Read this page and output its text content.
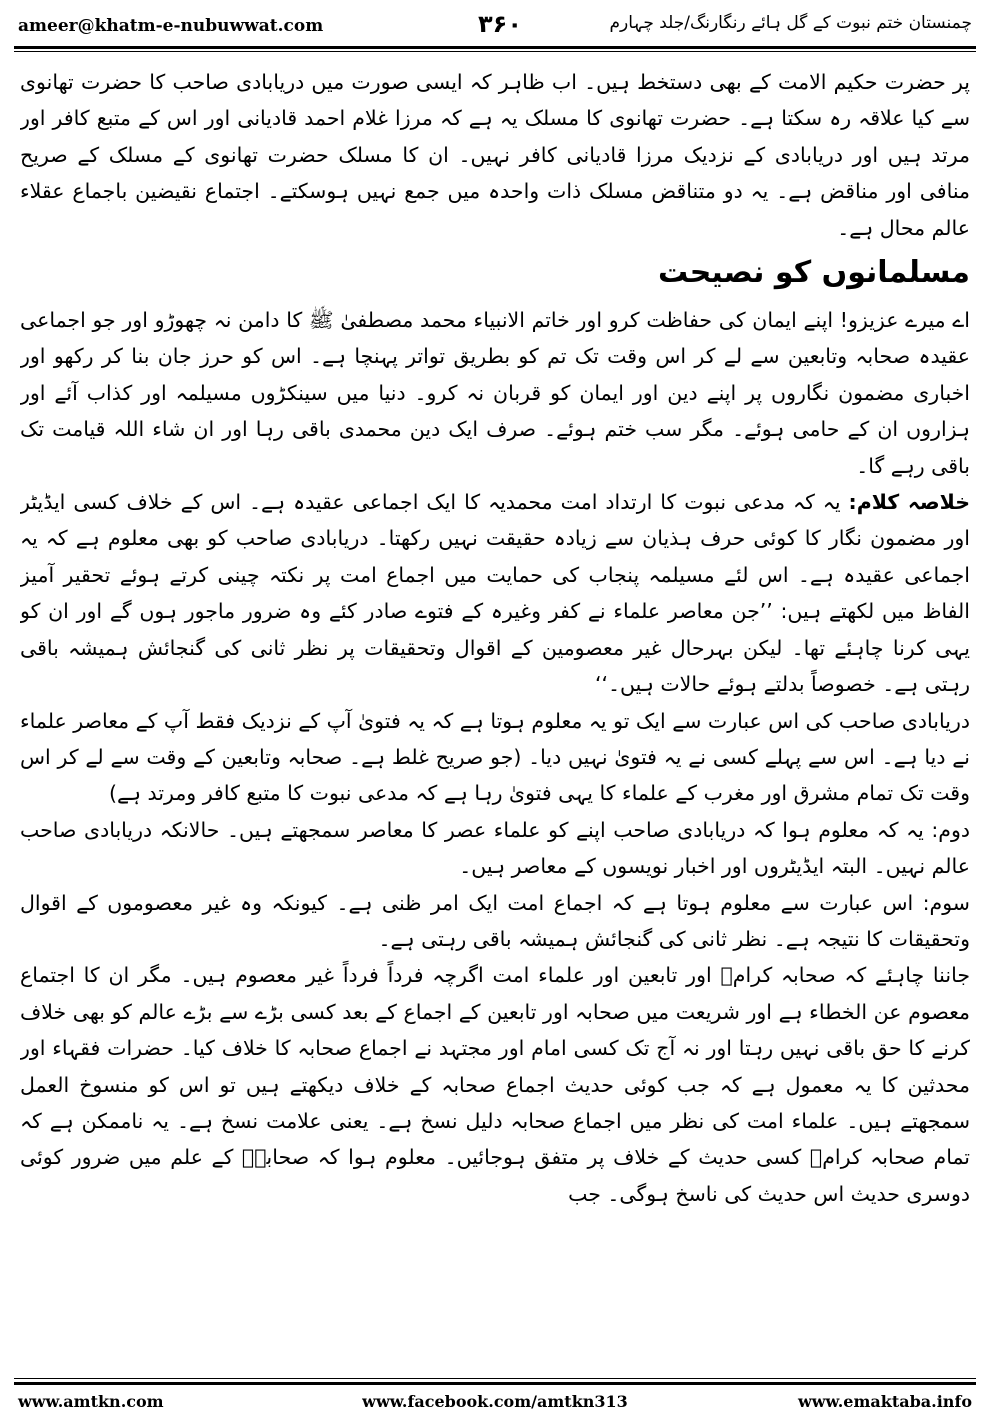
ameer@khatm-e-nubuwwat.com	۳۶۰	چمنستان ختم نبوت کے گل ہائے رنگارنگ/جلد چہارم

پر حضرت حکیم الامت کے بھی دستخط ہیں۔ اب ظاہر کہ ایسی صورت میں دریابادی صاحب کا حضرت تھانوی سے کیا علاقہ رہ سکتا ہے۔ حضرت تھانوی کا مسلک یہ ہے کہ مرزا غلام احمد قادیانی اور اس کے متبع کافر اور مرتد ہیں اور دریابادی کے نزدیک مرزا قادیانی کافر نہیں۔ ان کا مسلک حضرت تھانوی کے مسلک کے صریح منافی اور مناقض ہے۔ یہ دو متناقض مسلک ذات واحدہ میں جمع نہیں ہوسکتے۔ اجتماع نقیضین باجماع عقلاء عالم محال ہے۔

مسلمانوں کو نصیحت

اے میرے عزیزو! اپنے ایمان کی حفاظت کرو اور خاتم الانبیاء محمد مصطفیٰ ﷺ کا دامن نہ چھوڑو اور جو اجماعی عقیدہ صحابہ وتابعین سے لے کر اس وقت تک تم کو بطریق تواتر پہنچا ہے۔ اس کو حرز جان بنا کر رکھو اور اخباری مضمون نگاروں پر اپنے دین اور ایمان کو قربان نہ کرو۔ دنیا میں سینکڑوں مسیلمہ اور کذاب آئے اور ہزاروں ان کے حامی ہوئے۔ مگر سب ختم ہوئے۔ صرف ایک دین محمدی باقی رہا اور ان شاء اللہ قیامت تک باقی رہے گا۔

خلاصہ کلام: یہ کہ مدعی نبوت کا ارتداد امت محمدیہ کا ایک اجماعی عقیدہ ہے۔ اس کے خلاف کسی ایڈیٹر اور مضمون نگار کا کوئی حرف ہذیان سے زیادہ حقیقت نہیں رکھتا۔ دریابادی صاحب کو بھی معلوم ہے کہ یہ اجماعی عقیدہ ہے۔ اس لئے مسیلمہ پنجاب کی حمایت میں اجماع امت پر نکتہ چینی کرتے ہوئے تحقیر آمیز الفاظ میں لکھتے ہیں: ’’جن معاصر علماء نے کفر وغیرہ کے فتوے صادر کئے وہ ضرور ماجور ہوں گے اور ان کو یہی کرنا چاہئے تھا۔ لیکن بہرحال غیر معصومین کے اقوال وتحقیقات پر نظر ثانی کی گنجائش ہمیشہ باقی رہتی ہے۔ خصوصاً بدلتے ہوئے حالات ہیں۔‘‘

دریابادی صاحب کی اس عبارت سے ایک تو یہ معلوم ہوتا ہے کہ یہ فتویٰ آپ کے نزدیک فقط آپ کے معاصر علماء نے دیا ہے۔ اس سے پہلے کسی نے یہ فتویٰ نہیں دیا۔ (جو صریح غلط ہے۔ صحابہ وتابعین کے وقت سے لے کر اس وقت تک تمام مشرق اور مغرب کے علماء کا یہی فتویٰ رہا ہے کہ مدعی نبوت کا متبع کافر ومرتد ہے)

دوم: یہ کہ معلوم ہوا کہ دریابادی صاحب اپنے کو علماء عصر کا معاصر سمجھتے ہیں۔ حالانکہ دریابادی صاحب عالم نہیں۔ البتہ ایڈیٹروں اور اخبار نویسوں کے معاصر ہیں۔

سوم: اس عبارت سے معلوم ہوتا ہے کہ اجماع امت ایک امر ظنی ہے۔ کیونکہ وہ غیر معصوموں کے اقوال وتحقیقات کا نتیجہ ہے۔ نظر ثانی کی گنجائش ہمیشہ باقی رہتی ہے۔

جاننا چاہئے کہ صحابہ کرامؓ اور تابعین اور علماء امت اگرچہ فرداً فرداً غیر معصوم ہیں۔ مگر ان کا اجتماع معصوم عن الخطاء ہے اور شریعت میں صحابہ اور تابعین کے اجماع کے بعد کسی بڑے سے بڑے عالم کو بھی خلاف کرنے کا حق باقی نہیں رہتا اور نہ آج تک کسی امام اور مجتہد نے اجماع صحابہ کا خلاف کیا۔ حضرات فقہاء اور محدثین کا یہ معمول ہے کہ جب کوئی حدیث اجماع صحابہ کے خلاف دیکھتے ہیں تو اس کو منسوخ العمل سمجھتے ہیں۔ علماء امت کی نظر میں اجماع صحابہ دلیل نسخ ہے۔ یعنی علامت نسخ ہے۔ یہ ناممکن ہے کہ تمام صحابہ کرامؓ کسی حدیث کے خلاف پر متفق ہوجائیں۔ معلوم ہوا کہ صحابہؓ کے علم میں ضرور کوئی دوسری حدیث اس حدیث کی ناسخ ہوگی۔ جب

www.amtkn.com	www.facebook.com/amtkn313	www.emaktaba.info
